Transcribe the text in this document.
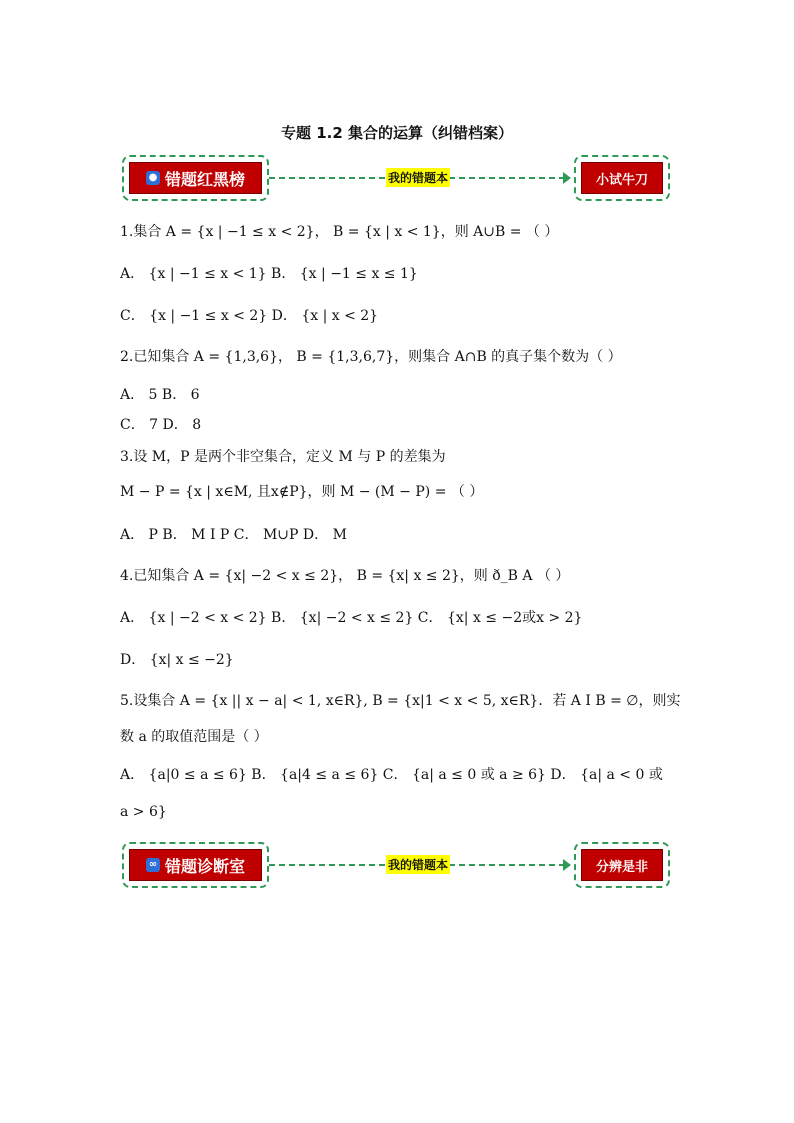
专题 1.2 集合的运算（纠错档案）
● 错题红黑榜	我的错题本	小试牛刀
1.集合 A = {x | −1 ≤ x < 2}， B = {x | x < 1}，则 A∪B = （ ）
A． {x | −1 ≤ x < 1} B． {x | −1 ≤ x ≤ 1}
C． {x | −1 ≤ x < 2} D． {x | x < 2}
2.已知集合 A = {1,3,6}， B = {1,3,6,7}，则集合 A∩B 的真子集个数为（ ）
A． 5 B． 6
C． 7 D． 8
3.设 M，P 是两个非空集合，定义 M 与 P 的差集为
M − P = {x | x∈M, 且x∉P}，则 M − (M − P) = （ ）
A． P B． M I P C． M∪P D． M
4.已知集合 A = {x| −2 < x ≤ 2}， B = {x| x ≤ 2}，则 ð_B A （ ）
A． {x | −2 < x < 2} B． {x| −2 < x ≤ 2} C． {x| x ≤ −2或x > 2}
D． {x| x ≤ −2}
5.设集合 A = {x || x − a| < 1, x∈R}, B = {x|1 < x < 5, x∈R}．若 A I B = ∅，则实
数 a 的取值范围是（ ）
A． {a|0 ≤ a ≤ 6} B． {a|4 ≤ a ≤ 6} C． {a| a ≤ 0 或 a ≥ 6} D． {a| a < 0 或
a > 6}
∞ 错题诊断室	我的错题本	分辨是非
